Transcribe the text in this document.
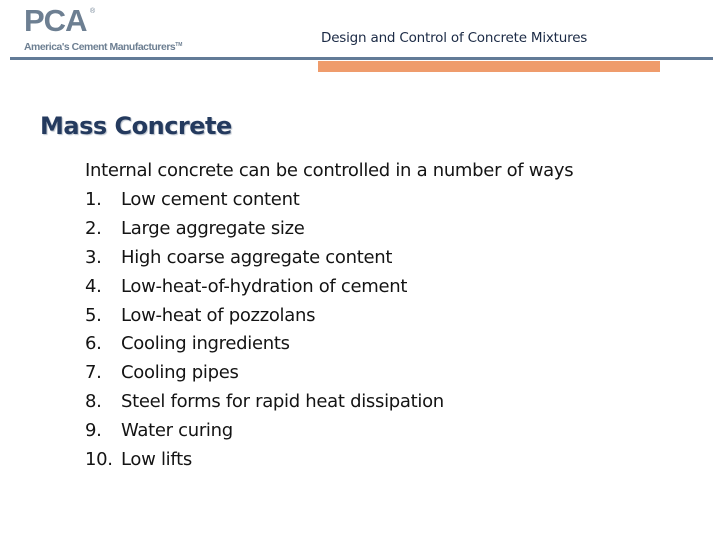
PCA ®
America's Cement Manufacturers™	Design and Control of Concrete Mixtures
Mass Concrete
Internal concrete can be controlled in a number of ways
1. Low cement content
2. Large aggregate size
3. High coarse aggregate content
4. Low-heat-of-hydration of cement
5. Low-heat of pozzolans
6. Cooling ingredients
7. Cooling pipes
8. Steel forms for rapid heat dissipation
9. Water curing
10. Low lifts
